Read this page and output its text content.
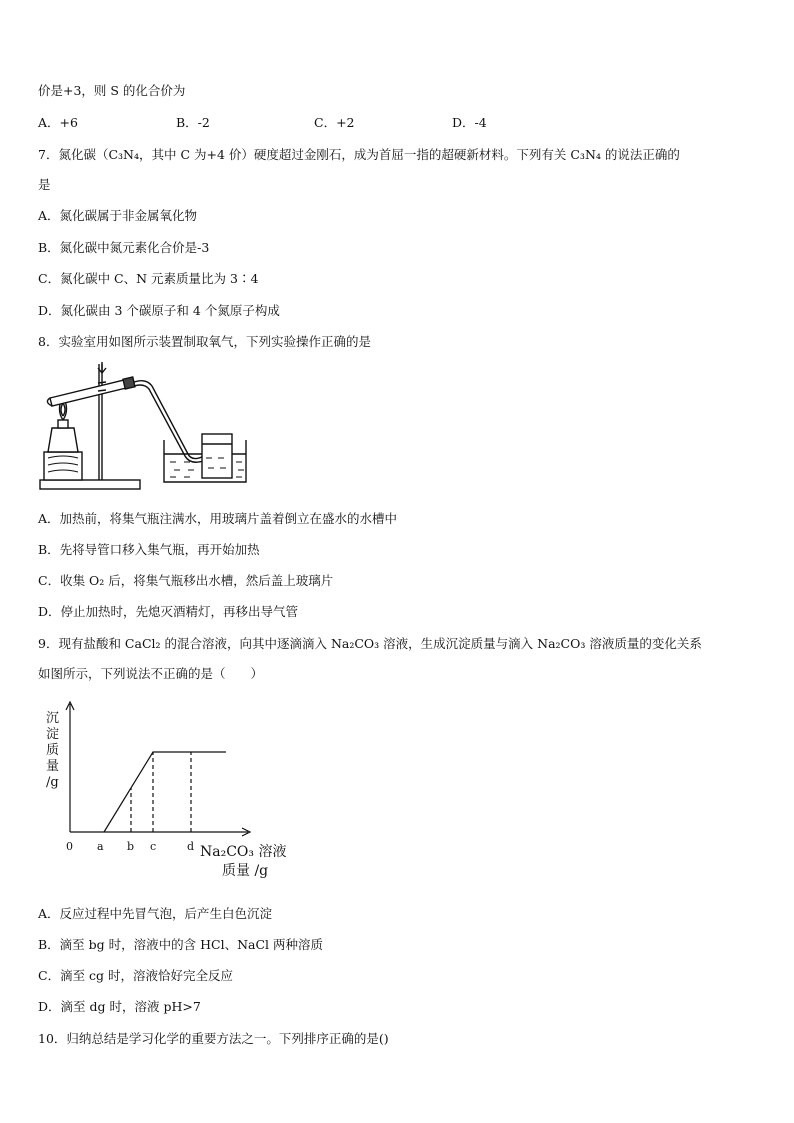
价是+3，则 S 的化合价为
A．+6	B．-2	C．+2	D．-4
7．氮化碳（C₃N₄，其中 C 为+4 价）硬度超过金刚石，成为首屈一指的超硬新材料。下列有关 C₃N₄ 的说法正确的
是
A．氮化碳属于非金属氧化物
B．氮化碳中氮元素化合价是-3
C．氮化碳中 C、N 元素质量比为 3∶4
D．氮化碳由 3 个碳原子和 4 个氮原子构成
8．实验室用如图所示装置制取氧气，下列实验操作正确的是
A．加热前，将集气瓶注满水，用玻璃片盖着倒立在盛水的水槽中
B．先将导管口移入集气瓶，再开始加热
C．收集 O₂ 后，将集气瓶移出水槽，然后盖上玻璃片
D．停止加热时，先熄灭酒精灯，再移出导气管
9．现有盐酸和 CaCl₂ 的混合溶液，向其中逐滴滴入 Na₂CO₃ 溶液，生成沉淀质量与滴入 Na₂CO₃ 溶液质量的变化关系
如图所示，下列说法不正确的是（　　）
沉
淀
质
量
/g
0 a b c	d Na₂CO₃ 溶液
质量 /g
A．反应过程中先冒气泡，后产生白色沉淀
B．滴至 bg 时，溶液中的含 HCl、NaCl 两种溶质
C．滴至 cg 时，溶液恰好完全反应
D．滴至 dg 时，溶液 pH>7
10．归纳总结是学习化学的重要方法之一。下列排序正确的是()
